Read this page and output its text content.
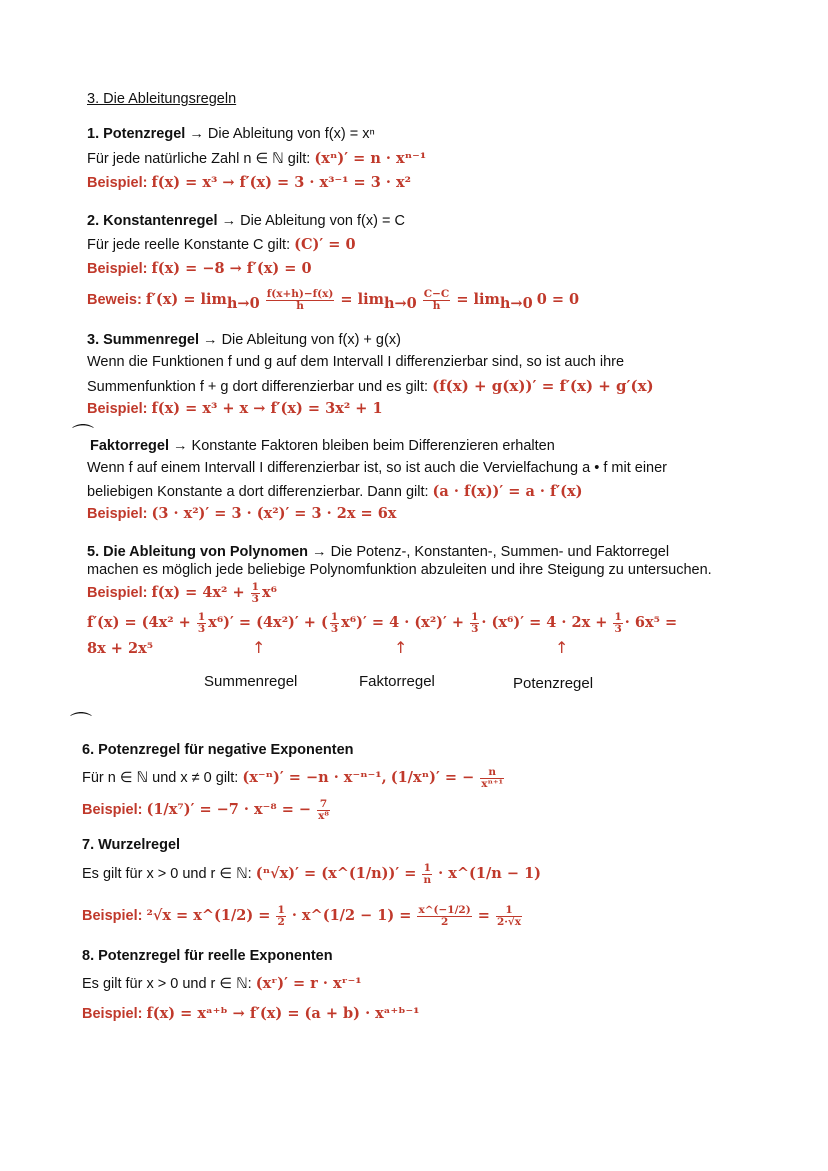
3. Die Ableitungsregeln
1. Potenzregel → Die Ableitung von f(x) = xⁿ
Für jede natürliche Zahl n ∈ ℕ gilt: (xⁿ)′ = n · xⁿ⁻¹
Beispiel: f(x) = x³ → f′(x) = 3 · x³⁻¹ = 3 · x²
2. Konstantenregel → Die Ableitung von f(x) = C
Für jede reelle Konstante C gilt: (C)′ = 0
Beispiel: f(x) = −8 → f′(x) = 0
Beweis: $f'(x) = \lim_{h\to 0} \frac{f(x+h)-f(x)}{h} = \lim_{h\to 0} \frac{C-C}{h} = \lim_{h\to 0} 0 = 0$
3. Summenregel → Die Ableitung von f(x) + g(x)
Wenn die Funktionen f und g auf dem Intervall I differenzierbar sind, so ist auch ihre
Summenfunktion f + g dort differenzierbar und es gilt: (f(x) + g(x))′ = f′(x) + g′(x)
Beispiel: f(x) = x³ + x → f′(x) = 3x² + 1
⌒
Faktorregel → Konstante Faktoren bleiben beim Differenzieren erhalten
Wenn f auf einem Intervall I differenzierbar ist, so ist auch die Vervielfachung a • f mit einer
beliebigen Konstante a dort differenzierbar. Dann gilt: (a · f(x))′ = a · f′(x)
Beispiel: (3 · x²)′ = 3 · (x²)′ = 3 · 2x = 6x
5. Die Ableitung von Polynomen → Die Potenz-, Konstanten-, Summen- und Faktorregel
machen es möglich jede beliebige Polynomfunktion abzuleiten und ihre Steigung zu untersuchen.
Beispiel: $f(x) = 4x^2 + \frac{1}{3} x^6$
$f'(x) = (4x^2 + \frac{1}{3} x^6)' = (4x^2)'$ + ( $\frac{1}{3} x^6)' = 4 \cdot (x^2)' + \frac{1}{3} \cdot (x^6)' = 4 \cdot 2x + \frac{1}{3} \cdot 6x^5$ =
8x + 2x⁵	↑	↑	↑
Summenregel	Faktorregel	Potenzregel
⌒
6. Potenzregel für negative Exponenten
Für n ∈ ℕ und x ≠ 0 gilt: (x⁻ⁿ)′ = −n · x⁻ⁿ⁻¹, (1/xⁿ)′ = − $\frac{n}{\text{xⁿ⁺¹}}$
Beispiel: (1/x⁷)′ = −7 · x⁻⁸ = − $\frac{7}{\text{x⁸}}$
7. Wurzelregel
Es gilt für x > 0 und r ∈ ℕ: (ⁿ√x)′ = (x^(1/n))′ = $\frac{1}{n}$ · x^(1/n − 1)
Beispiel: ²√x = x^(1/2) = $\frac{1}{2}$ · x^(1/2 − $1) = \frac{x\^{}(-1/2)}{2} = \frac{1}{2\cdot√x}$
8. Potenzregel für reelle Exponenten
Es gilt für x > 0 und r ∈ ℕ: (xʳ)′ = r · xʳ⁻¹
Beispiel: f(x) = xᵃ⁺ᵇ → f′(x) = (a + b) · xᵃ⁺ᵇ⁻¹
